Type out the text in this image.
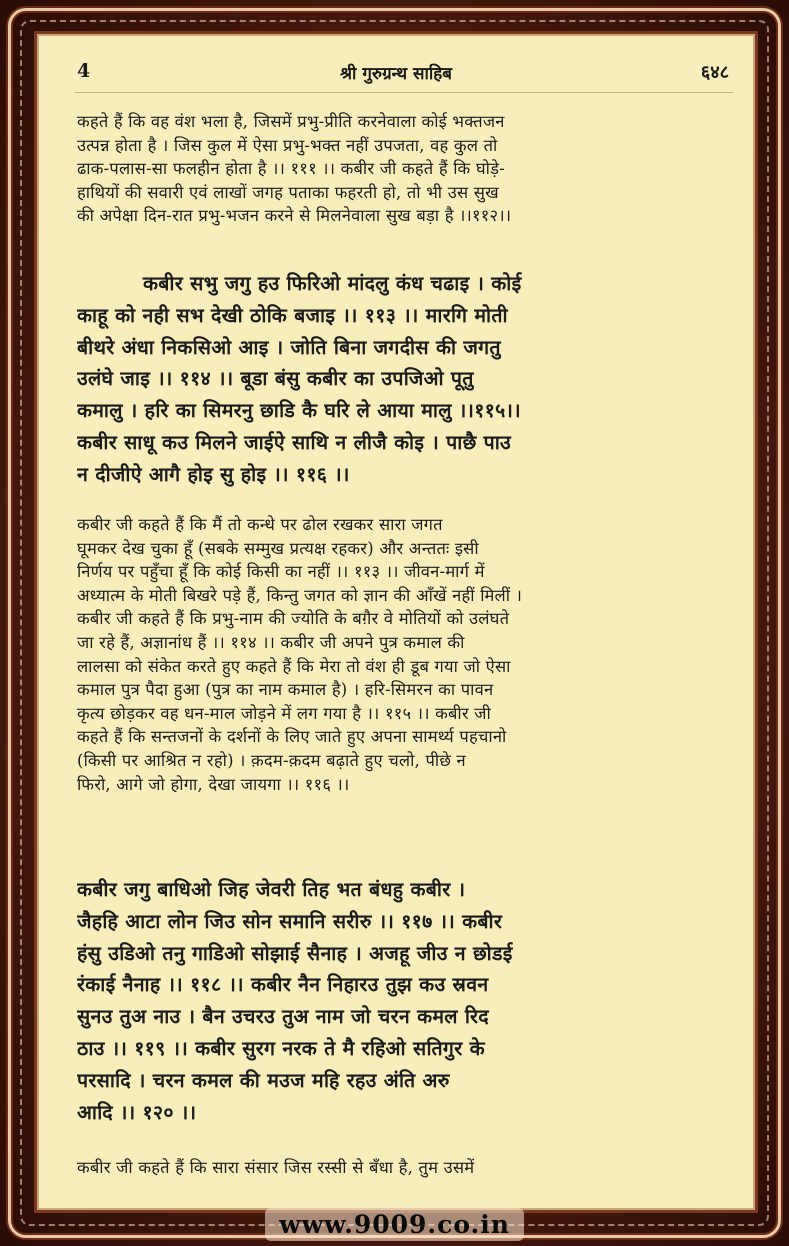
4	श्री गुरुग्रन्थ साहिब	६४८
कहते हैं कि वह वंश भला है, जिसमें प्रभु-प्रीति करनेवाला कोई भक्तजन
उत्पन्न होता है । जिस कुल में ऐसा प्रभु-भक्त नहीं उपजता, वह कुल तो
ढाक-पलास-सा फलहीन होता है ।। १११ ।। कबीर जी कहते हैं कि घोड़े-
हाथियों की सवारी एवं लाखों जगह पताका फहरती हो, तो भी उस सुख
की अपेक्षा दिन-रात प्रभु-भजन करने से मिलनेवाला सुख बड़ा है ।।११२।।
कबीर सभु जगु हउ फिरिओ मांदलु कंध चढाइ । कोई
काहू को नही सभ देखी ठोकि बजाइ ।। ११३ ।। मारगि मोती
बीथरे अंधा निकसिओ आइ । जोति बिना जगदीस की जगतु
उलंघे जाइ ।। ११४ ।। बूडा बंसु कबीर का उपजिओ पूतु
कमालु । हरि का सिमरनु छाडि कै घरि ले आया मालु ।।११५।।
कबीर साधू कउ मिलने जाईऐ साथि न लीजै कोइ । पाछै पाउ
न दीजीऐ आगै होइ सु होइ ।। ११६ ।।
कबीर जी कहते हैं कि मैं तो कन्धे पर ढोल रखकर सारा जगत
घूमकर देख चुका हूँ (सबके सम्मुख प्रत्यक्ष रहकर) और अन्ततः इसी
निर्णय पर पहुँचा हूँ कि कोई किसी का नहीं ।। ११३ ।। जीवन-मार्ग में
अध्यात्म के मोती बिखरे पड़े हैं, किन्तु जगत को ज्ञान की आँखें नहीं मिलीं ।
कबीर जी कहते हैं कि प्रभु-नाम की ज्योति के बग़ैर वे मोतियों को उलंघते
जा रहे हैं, अज्ञानांध हैं ।। ११४ ।। कबीर जी अपने पुत्र कमाल की
लालसा को संकेत करते हुए कहते हैं कि मेरा तो वंश ही डूब गया जो ऐसा
कमाल पुत्र पैदा हुआ (पुत्र का नाम कमाल है) । हरि-सिमरन का पावन
कृत्य छोड़कर वह धन-माल जोड़ने में लग गया है ।। ११५ ।। कबीर जी
कहते हैं कि सन्तजनों के दर्शनों के लिए जाते हुए अपना सामर्थ्य पहचानो
(किसी पर आश्रित न रहो) । क़दम-क़दम बढ़ाते हुए चलो, पीछे न
फिरो, आगे जो होगा, देखा जायगा ।। ११६ ।।
कबीर जगु बाधिओ जिह जेवरी तिह भत बंधहु कबीर ।
जैहहि आटा लोन जिउ सोन समानि सरीरु ।। ११७ ।। कबीर
हंसु उडिओ तनु गाडिओ सोझाई सैनाह । अजहू जीउ न छोडई
रंकाई नैनाह ।। ११८ ।। कबीर नैन निहारउ तुझ कउ स्रवन
सुनउ तुअ नाउ । बैन उचरउ तुअ नाम जो चरन कमल रिद
ठाउ ।। ११९ ।। कबीर सुरग नरक ते मै रहिओ सतिगुर के
परसादि । चरन कमल की मउज महि रहउ अंति अरु
आदि ।। १२० ।।
कबीर जी कहते हैं कि सारा संसार जिस रस्सी से बँधा है, तुम उसमें
www.9009.co.in
